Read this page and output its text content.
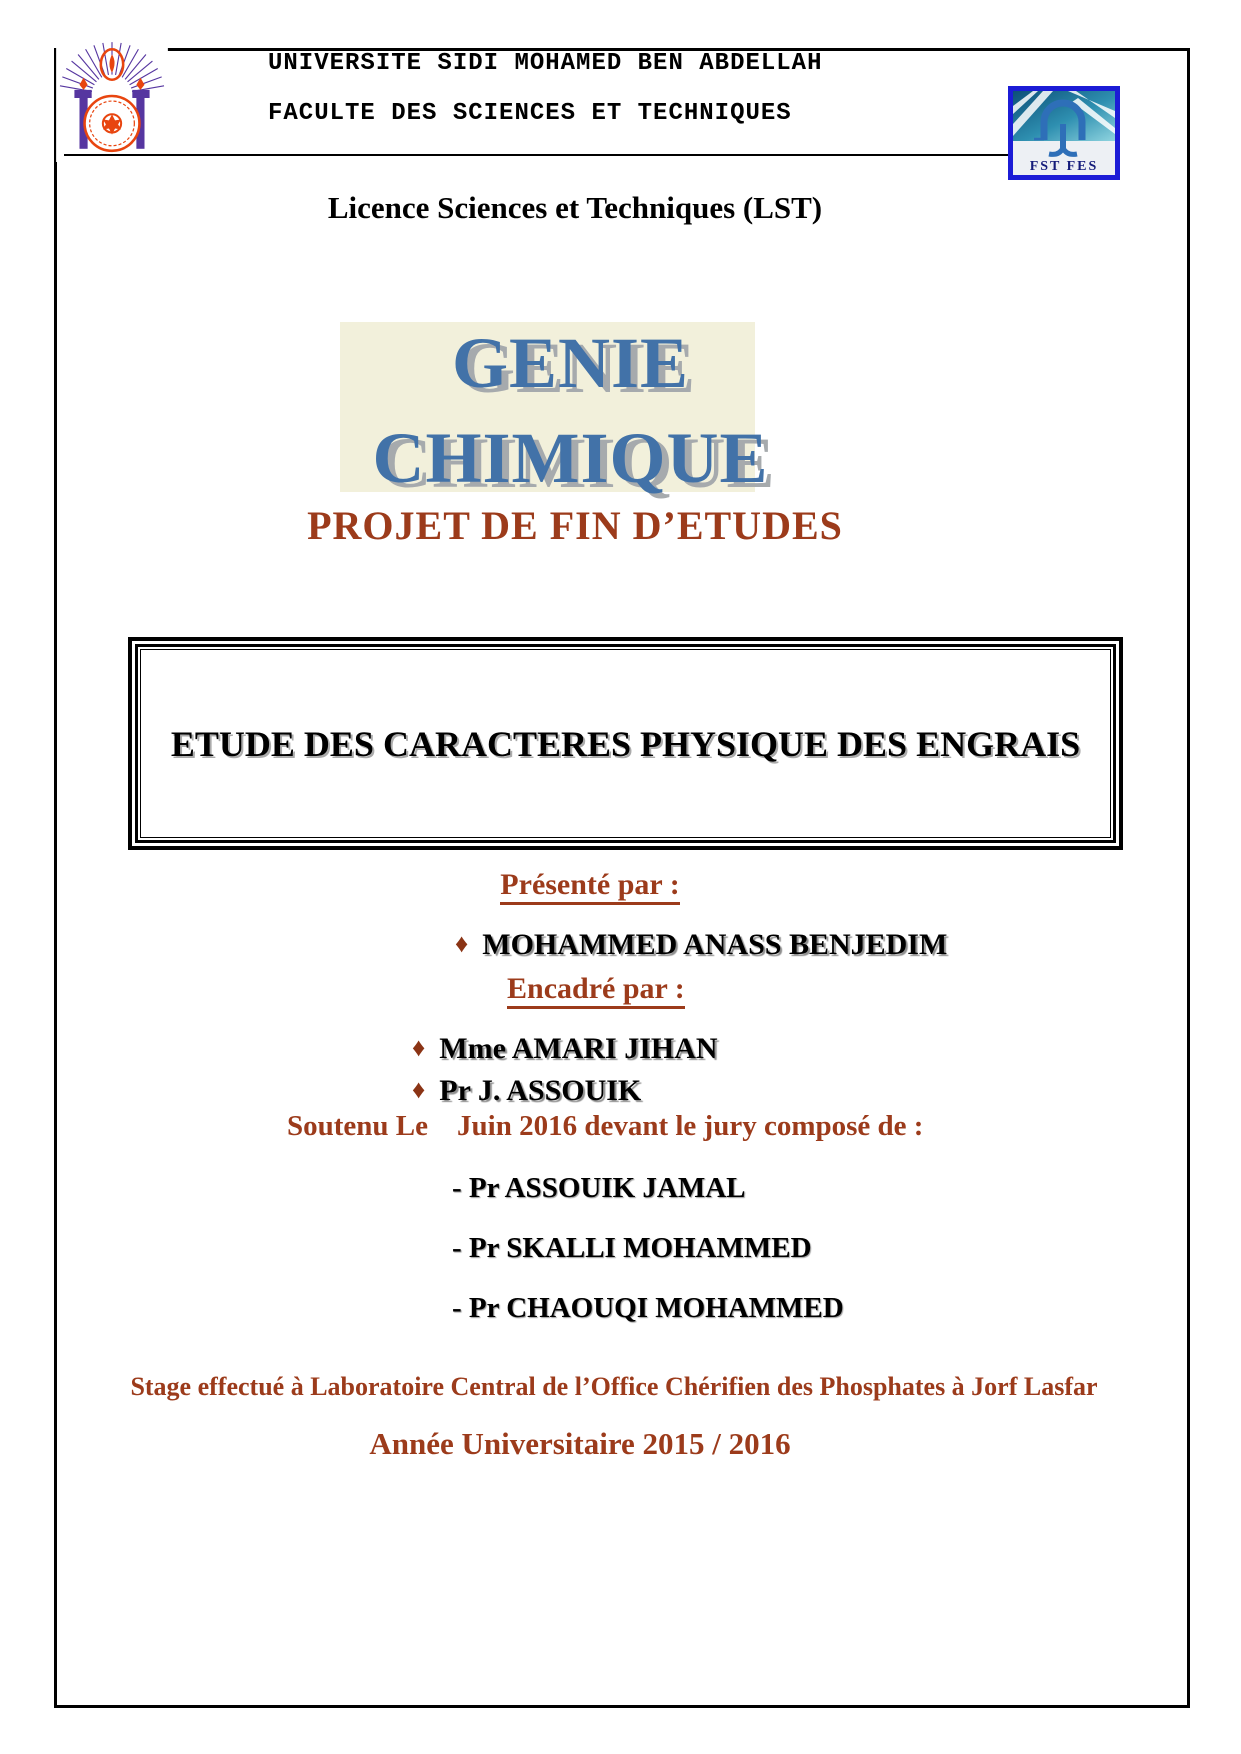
UNIVERSITE SIDI MOHAMED BEN ABDELLAH
FACULTE DES SCIENCES ET TECHNIQUES
FST FES
Licence Sciences et Techniques (LST)
GENIE
CHIMIQUE
PROJET DE FIN D’ETUDES
ETUDE DES CARACTERES PHYSIQUE DES ENGRAIS
Présenté par :
♦ MOHAMMED ANASS BENJEDIM
Encadré par :
♦ Mme AMARI JIHAN
♦ Pr J. ASSOUIK
Soutenu Le    Juin 2016 devant le jury composé de :
- Pr ASSOUIK JAMAL
- Pr SKALLI MOHAMMED
- Pr CHAOUQI MOHAMMED
Stage effectué à Laboratoire Central de l’Office Chérifien des Phosphates à Jorf Lasfar
Année Universitaire 2015 / 2016
